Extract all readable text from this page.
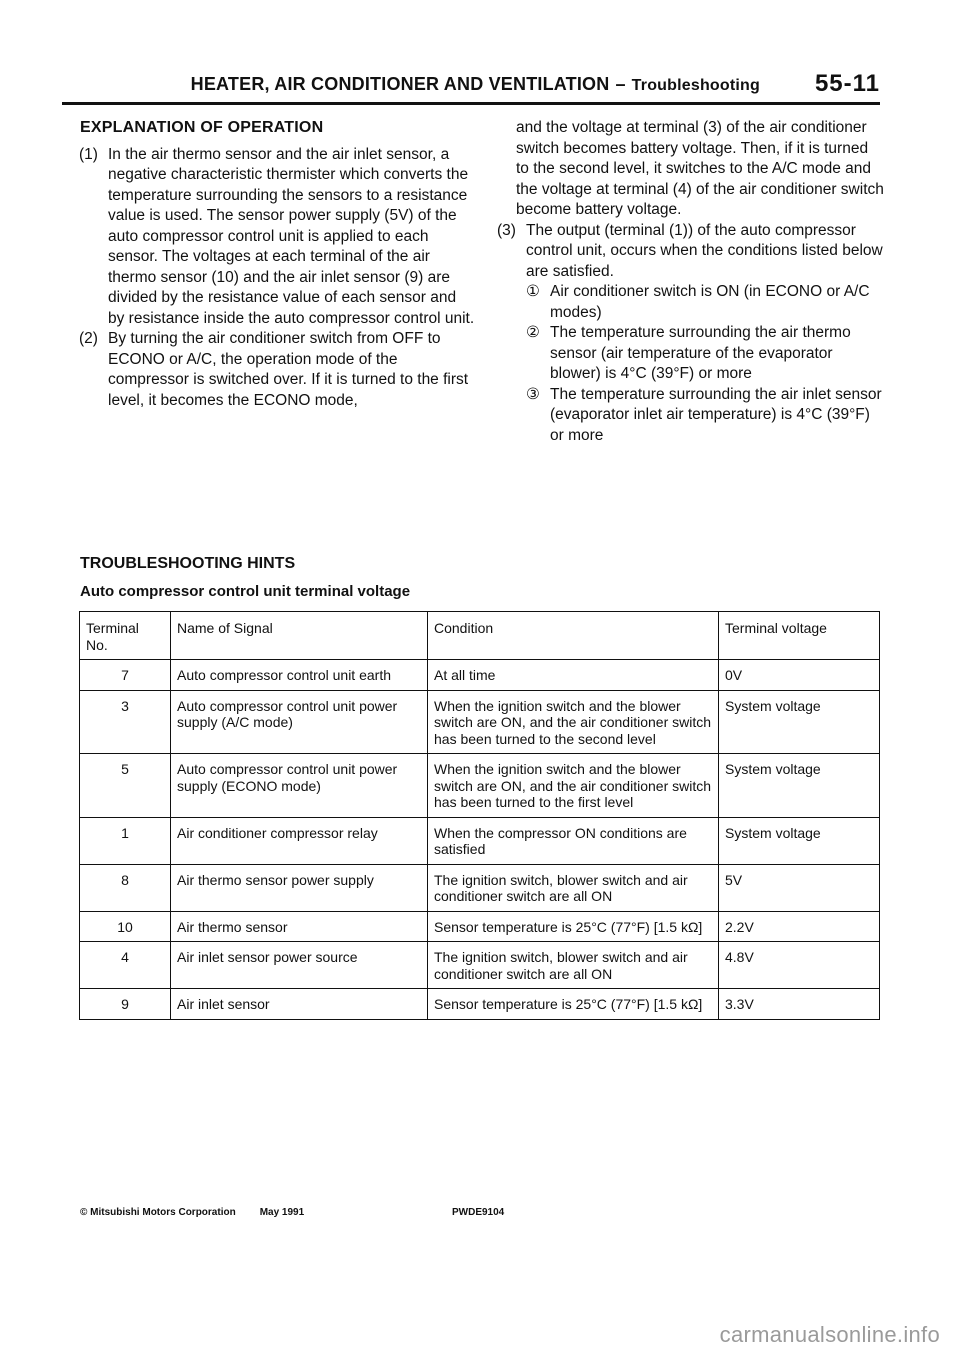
HEATER, AIR CONDITIONER AND VENTILATION – Troubleshooting 55-11
EXPLANATION OF OPERATION

(1) In the air thermo sensor and the air inlet sensor, a negative characteristic thermister which converts the temperature surrounding the sensors to a resistance value is used. The sensor power supply (5V) of the auto compressor control unit is applied to each sensor. The voltages at each terminal of the air thermo sensor (10) and the air inlet sensor (9) are divided by the resistance value of each sensor and by resistance inside the auto compressor control unit.

(2) By turning the air conditioner switch from OFF to ECONO or A/C, the operation mode of the compressor is switched over. If it is turned to the first level, it becomes the ECONO mode,

and the voltage at terminal (3) of the air conditioner switch becomes battery voltage. Then, if it is turned to the second level, it switches to the A/C mode and the voltage at terminal (4) of the air conditioner switch become battery voltage.

(3) The output (terminal (1)) of the auto compressor control unit, occurs when the conditions listed below are satisfied.

① Air conditioner switch is ON (in ECONO or A/C modes)

② The temperature surrounding the air thermo sensor (air temperature of the evaporator blower) is 4°C (39°F) or more

③ The temperature surrounding the air inlet sensor (evaporator inlet air temperature) is 4°C (39°F) or more

TROUBLESHOOTING HINTS
Auto compressor control unit terminal voltage
Terminal No.	Name of Signal	Condition	Terminal voltage
7	Auto compressor control unit earth	At all time	0V
3	Auto compressor control unit power supply (A/C mode)	When the ignition switch and the blower switch are ON, and the air conditioner switch has been turned to the second level	System voltage
5	Auto compressor control unit power supply (ECONO mode)	When the ignition switch and the blower switch are ON, and the air conditioner switch has been turned to the first level	System voltage
1	Air conditioner compressor relay	When the compressor ON conditions are satisfied	System voltage
8	Air thermo sensor power supply	The ignition switch, blower switch and air conditioner switch are all ON	5V
10	Air thermo sensor	Sensor temperature is 25°C (77°F) [1.5 kΩ]	2.2V
4	Air inlet sensor power source	The ignition switch, blower switch and air conditioner switch are all ON	4.8V
9	Air inlet sensor	Sensor temperature is 25°C (77°F) [1.5 kΩ]	3.3V
© Mitsubishi Motors Corporation May 1991	PWDE9104
carmanualsonline.info
